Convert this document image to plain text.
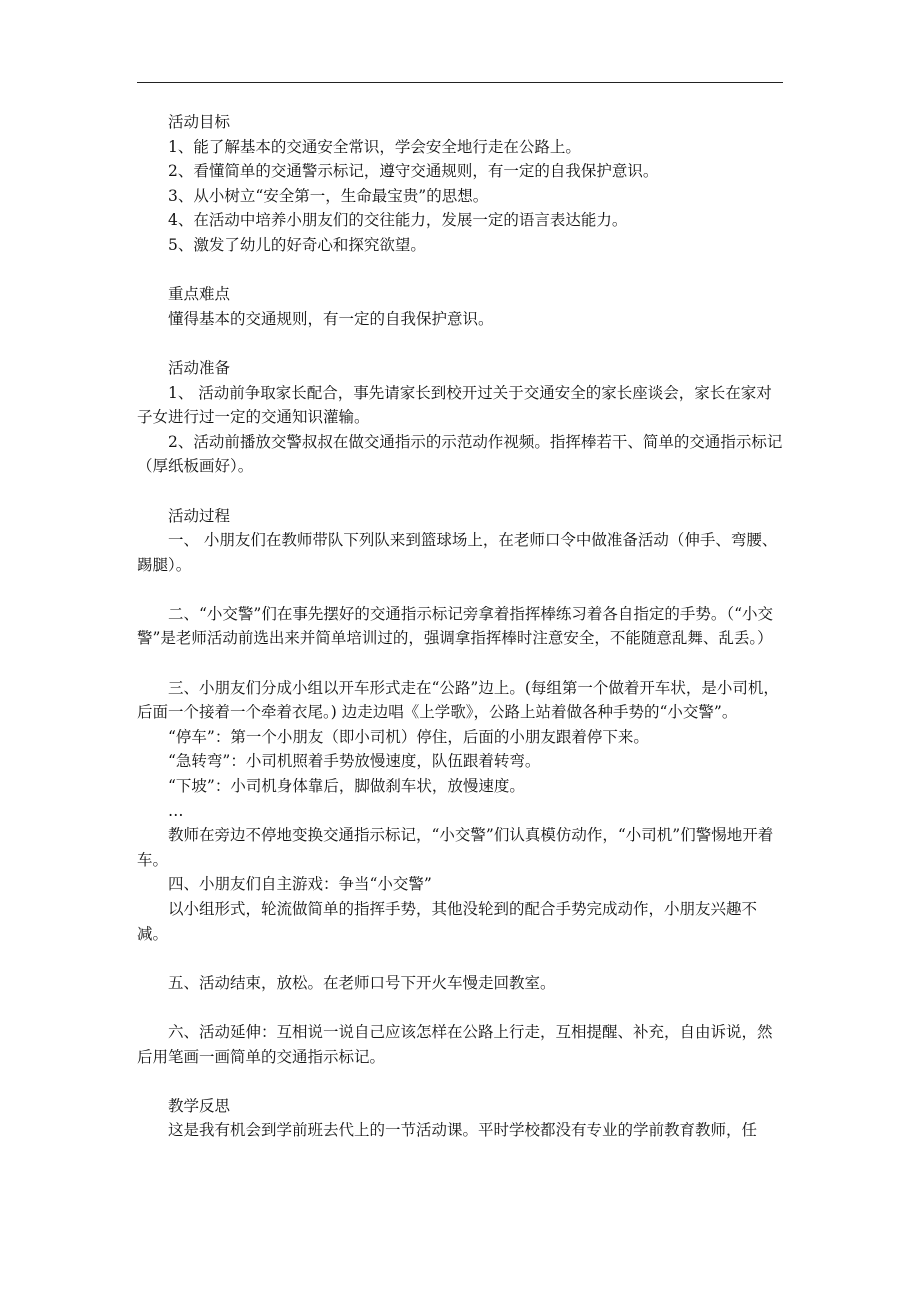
活动目标

1、能了解基本的交通安全常识，学会安全地行走在公路上。

2、看懂简单的交通警示标记，遵守交通规则，有一定的自我保护意识。

3、从小树立“安全第一，生命最宝贵”的思想。

4、在活动中培养小朋友们的交往能力，发展一定的语言表达能力。

5、激发了幼儿的好奇心和探究欲望。

重点难点

懂得基本的交通规则，有一定的自我保护意识。

活动准备

1、 活动前争取家长配合，事先请家长到校开过关于交通安全的家长座谈会，家长在家对子女进行过一定的交通知识灌输。

2、活动前播放交警叔叔在做交通指示的示范动作视频。指挥棒若干、简单的交通指示标记（厚纸板画好）。

活动过程

一、 小朋友们在教师带队下列队来到篮球场上，在老师口令中做准备活动（伸手、弯腰、踢腿）。

二、“小交警”们在事先摆好的交通指示标记旁拿着指挥棒练习着各自指定的手势。（“小交警”是老师活动前选出来并简单培训过的，强调拿指挥棒时注意安全，不能随意乱舞、乱丢。）

三、小朋友们分成小组以开车形式走在“公路”边上。(每组第一个做着开车状，是小司机，后面一个接着一个牵着衣尾。) 边走边唱《上学歌》，公路上站着做各种手势的“小交警”。

“停车”：第一个小朋友（即小司机）停住，后面的小朋友跟着停下来。

“急转弯”：小司机照着手势放慢速度，队伍跟着转弯。

“下坡”：小司机身体靠后，脚做刹车状，放慢速度。

…

教师在旁边不停地变换交通指示标记，“小交警”们认真模仿动作，“小司机”们警惕地开着车。

四、小朋友们自主游戏：争当“小交警”

以小组形式，轮流做简单的指挥手势，其他没轮到的配合手势完成动作，小朋友兴趣不减。

五、活动结束，放松。在老师口号下开火车慢走回教室。

六、活动延伸：互相说一说自己应该怎样在公路上行走，互相提醒、补充，自由诉说，然后用笔画一画简单的交通指示标记。

教学反思

这是我有机会到学前班去代上的一节活动课。平时学校都没有专业的学前教育教师，任
